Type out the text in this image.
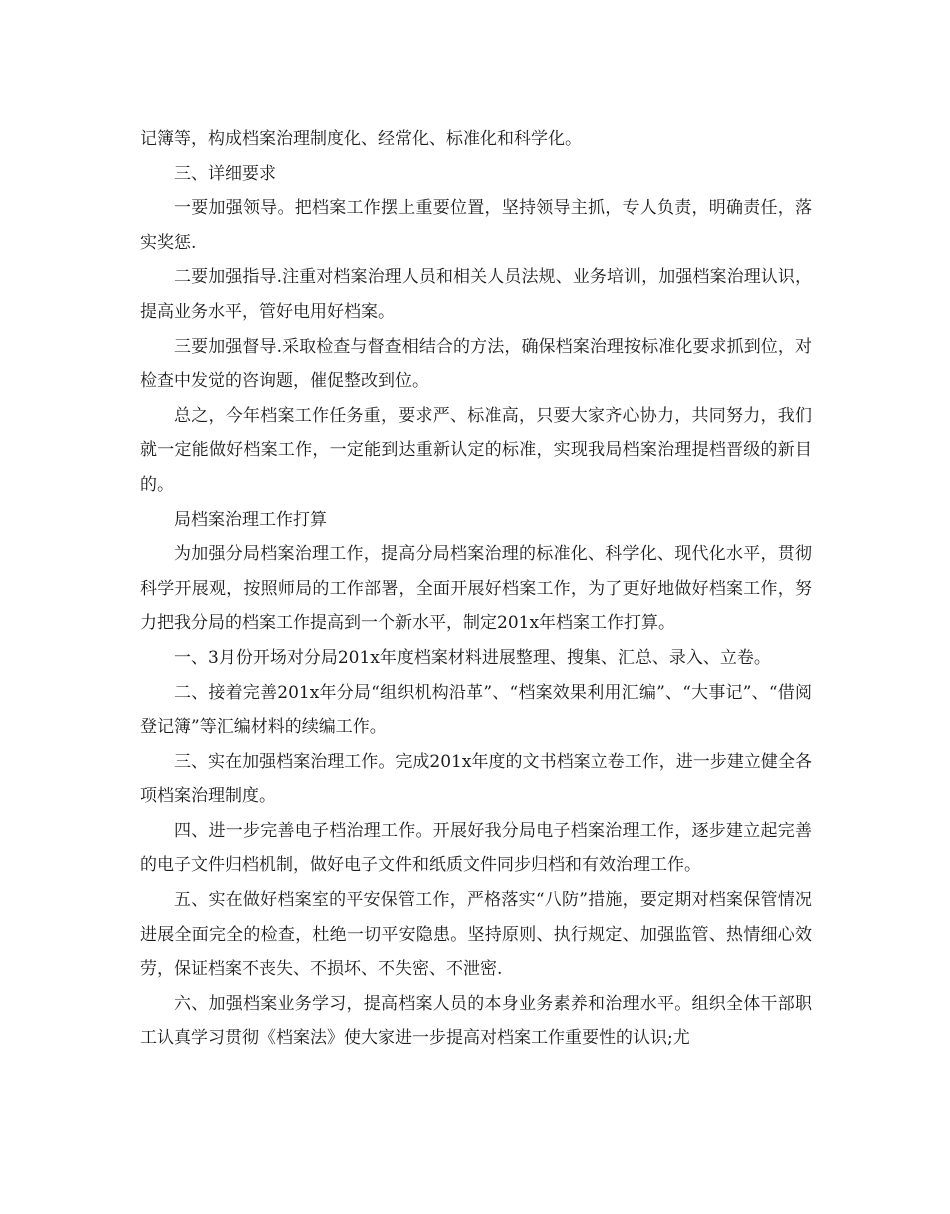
记簿等，构成档案治理制度化、经常化、标准化和科学化。

三、详细要求

一要加强领导。把档案工作摆上重要位置，坚持领导主抓，专人负责，明确责任，落实奖惩.

二要加强指导.注重对档案治理人员和相关人员法规、业务培训，加强档案治理认识，提高业务水平，管好电用好档案。

三要加强督导.采取检查与督查相结合的方法，确保档案治理按标准化要求抓到位，对检查中发觉的咨询题，催促整改到位。

总之，今年档案工作任务重，要求严、标准高，只要大家齐心协力，共同努力，我们就一定能做好档案工作，一定能到达重新认定的标准，实现我局档案治理提档晋级的新目的。

局档案治理工作打算

为加强分局档案治理工作，提高分局档案治理的标准化、科学化、现代化水平，贯彻科学开展观，按照师局的工作部署，全面开展好档案工作，为了更好地做好档案工作，努力把我分局的档案工作提高到一个新水平，制定201x年档案工作打算。

一、3月份开场对分局201x年度档案材料进展整理、搜集、汇总、录入、立卷。

二、接着完善201x年分局“组织机构沿革”、“档案效果利用汇编”、“大事记”、“借阅登记簿”等汇编材料的续编工作。

三、实在加强档案治理工作。完成201x年度的文书档案立卷工作，进一步建立健全各项档案治理制度。

四、进一步完善电子档治理工作。开展好我分局电子档案治理工作，逐步建立起完善的电子文件归档机制，做好电子文件和纸质文件同步归档和有效治理工作。

五、实在做好档案室的平安保管工作，严格落实“八防”措施，要定期对档案保管情况进展全面完全的检查，杜绝一切平安隐患。坚持原则、执行规定、加强监管、热情细心效劳，保证档案不丧失、不损坏、不失密、不泄密.

六、加强档案业务学习，提高档案人员的本身业务素养和治理水平。组织全体干部职工认真学习贯彻《档案法》使大家进一步提高对档案工作重要性的认识;尤
